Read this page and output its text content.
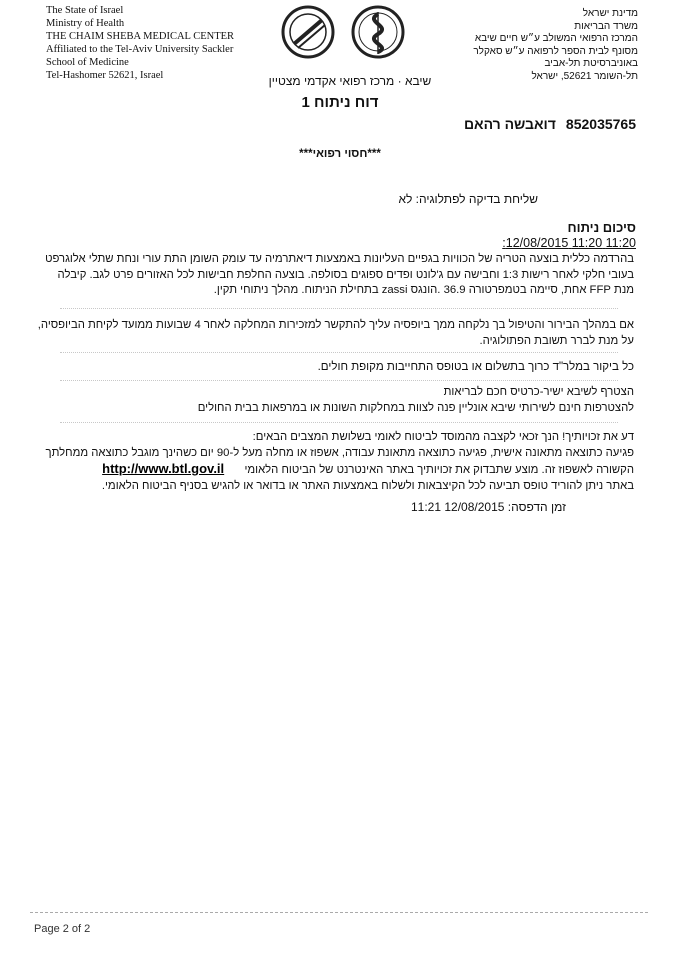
The State of Israel
Ministry of Health
THE CHAIM SHEBA MEDICAL CENTER
Affiliated to the Tel-Aviv University Sackler
School of Medicine
Tel-Hashomer 52621, Israel
מדינת ישראל
משרד הבריאות
המרכז הרפואי המשולב ע״ש חיים שיבא
מסונף לבית הספר לרפואה ע״ש סאקלר
באוניברסיטת תל-אביב
תל-השומר 52621, ישראל
שיבא · מרכז רפואי אקדמי מצטיין
דוח ניתוח 1
852035765
דואבשה רהאם
***חסוי רפואי***
שליחת בדיקה לפתלוגיה: לא
סיכום ניתוח
11:20 11:20 12/08/2015:
בהרדמה כללית בוצעה הטריה של הכוויות בגפיים העליונות באמצעות דיאתרמיה עד עומק השומן התת עורי ונחת שתלי אלוגרפט
בעובי חלקי לאחר רישות 1:3 וחבישה עם ג'לונט ופדים ספוגים בסולפה. בוצעה החלפת חבישות לכל האזורים פרט לגב. קיבלה
מנת FFP אחת, סיימה בטמפרטורה 36.9 .הונגס zassi בתחילת הניתוח. מהלך ניתוחי תקין.
אם במהלך הבירור והטיפול בך נלקחה ממך ביופסיה עליך להתקשר למזכירות המחלקה לאחר 4 שבועות ממועד לקיחת הביופסיה,
על מנת לברר תשובת הפתולוגיה.
כל ביקור במלר"ד כרוך בתשלום או בטופס התחייבות מקופת חולים.
הצטרף לשיבא ישיר-כרטיס חכם לבריאות
להצטרפות חינם לשירותי שיבא אונליין פנה לצוות במחלקות השונות או במרפאות בבית החולים
דע את זכויותיך! הנך זכאי לקצבה מהמוסד לביטוח לאומי בשלושת המצבים הבאים:
פגיעה כתוצאה מתאונה אישית, פגיעה כתוצאה מתאונת עבודה, אשפוז או מחלה מעל ל-90 יום כשהינך מוגבל כתוצאה ממחלתך
הקשורה לאשפוז זה. מוצע שתבדוק את זכויותיך באתר האינטרנט של הביטוח הלאומי  http://www.btl.gov.il
באתר ניתן להוריד טופס תביעה לכל הקיצבאות ולשלוח באמצעות האתר או בדואר או להגיש בסניף הביטוח הלאומי.
זמן הדפסה: 12/08/2015 11:21
Page 2 of 2
